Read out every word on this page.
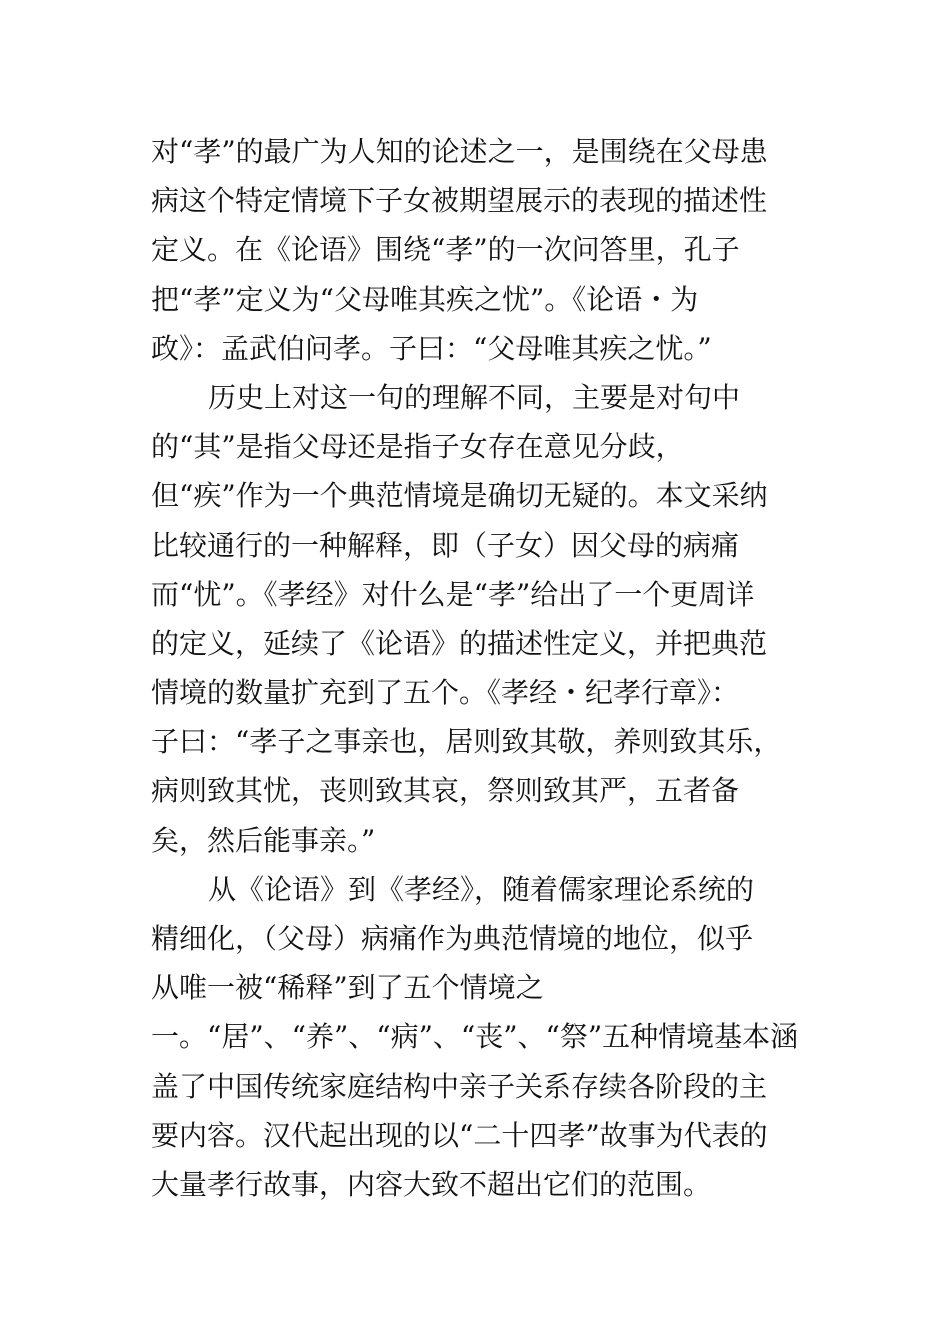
对“孝”的最广为人知的论述之一，是围绕在父母患
病这个特定情境下子女被期望展示的表现的描述性
定义。在《论语》围绕“孝”的一次问答里，孔子
把“孝”定义为“父母唯其疾之忧”。《论语・为
政》：孟武伯问孝。子曰：“父母唯其疾之忧。”
历史上对这一句的理解不同，主要是对句中
的“其”是指父母还是指子女存在意见分歧，
但“疾”作为一个典范情境是确切无疑的。本文采纳
比较通行的一种解释，即（子女）因父母的病痛
而“忧”。《孝经》对什么是“孝”给出了一个更周详
的定义，延续了《论语》的描述性定义，并把典范
情境的数量扩充到了五个。《孝经・纪孝行章》：
子曰：“孝子之事亲也，居则致其敬，养则致其乐，
病则致其忧，丧则致其哀，祭则致其严，五者备
矣，然后能事亲。”
从《论语》到《孝经》，随着儒家理论系统的
精细化，（父母）病痛作为典范情境的地位，似乎
从唯一被“稀释”到了五个情境之
一。“居”、“养”、“病”、“丧”、“祭”五种情境基本涵
盖了中国传统家庭结构中亲子关系存续各阶段的主
要内容。汉代起出现的以“二十四孝”故事为代表的
大量孝行故事，内容大致不超出它们的范围。
